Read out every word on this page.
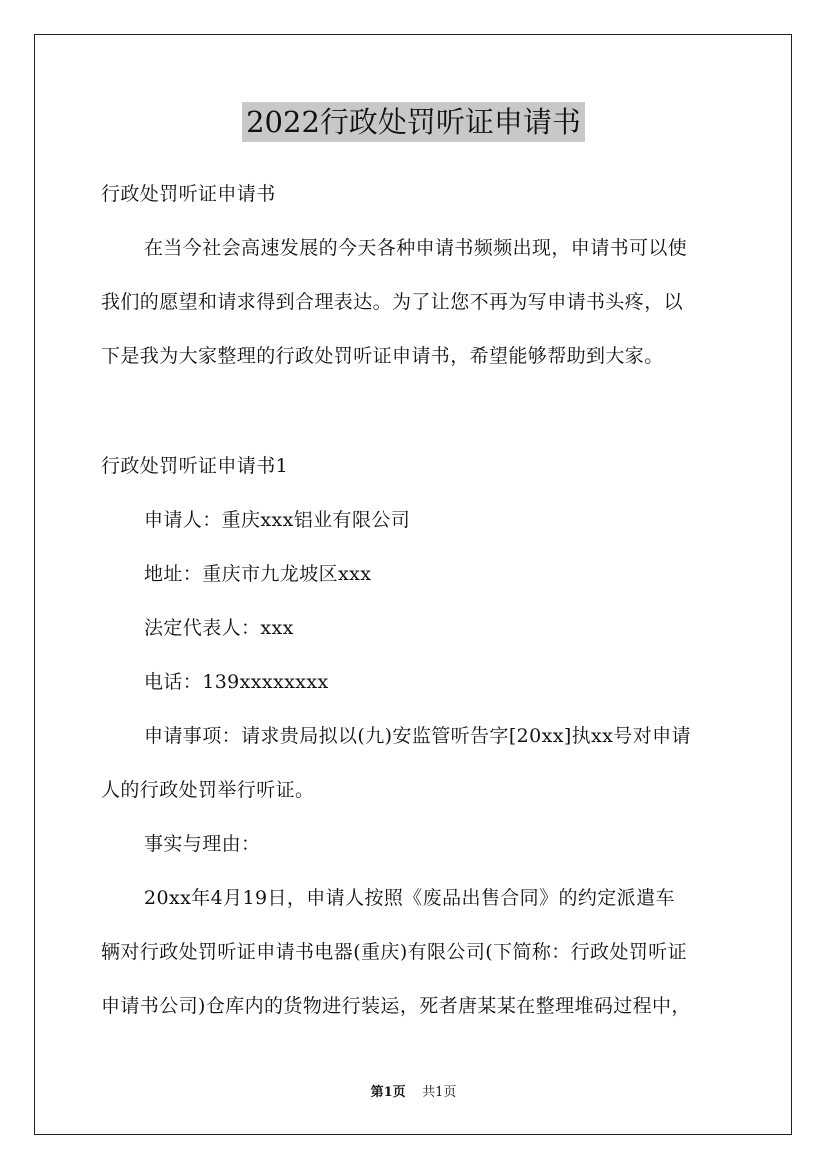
2022行政处罚听证申请书
行政处罚听证申请书
在当今社会高速发展的今天各种申请书频频出现，申请书可以使
我们的愿望和请求得到合理表达。为了让您不再为写申请书头疼，以
下是我为大家整理的行政处罚听证申请书，希望能够帮助到大家。
行政处罚听证申请书1
申请人：重庆xxx铝业有限公司
地址：重庆市九龙坡区xxx
法定代表人：xxx
电话：139xxxxxxxx
申请事项：请求贵局拟以(九)安监管听告字[20xx]执xx号对申请
人的行政处罚举行听证。
事实与理由：
20xx年4月19日，申请人按照《废品出售合同》的约定派遣车
辆对行政处罚听证申请书电器(重庆)有限公司(下简称：行政处罚听证
申请书公司)仓库内的货物进行装运，死者唐某某在整理堆码过程中，
第1页 共1页
